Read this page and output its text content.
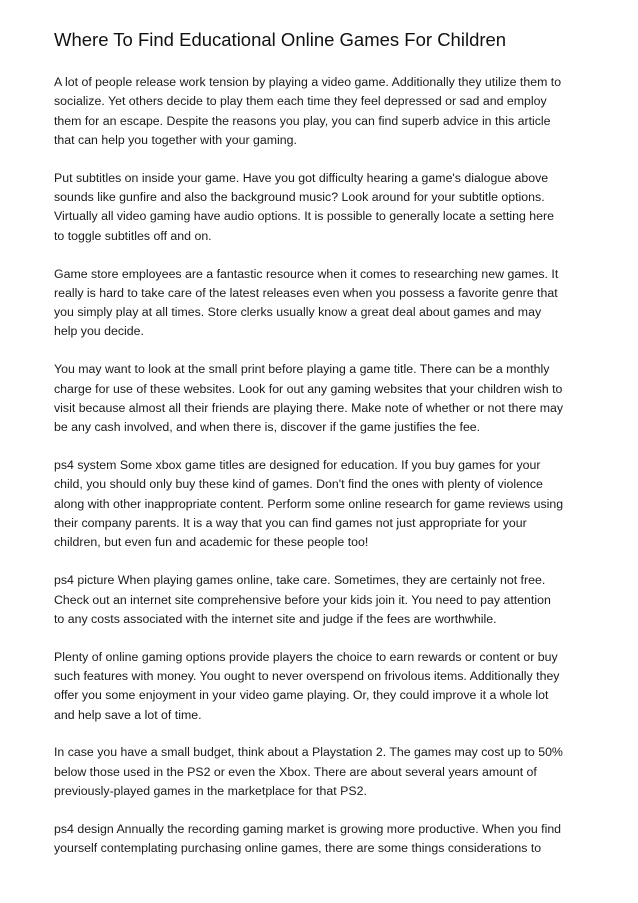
Where To Find Educational Online Games For Children

A lot of people release work tension by playing a video game. Additionally they utilize them to
socialize. Yet others decide to play them each time they feel depressed or sad and employ
them for an escape. Despite the reasons you play, you can find superb advice in this article
that can help you together with your gaming.

Put subtitles on inside your game. Have you got difficulty hearing a game's dialogue above
sounds like gunfire and also the background music? Look around for your subtitle options.
Virtually all video gaming have audio options. It is possible to generally locate a setting here
to toggle subtitles off and on.

Game store employees are a fantastic resource when it comes to researching new games. It
really is hard to take care of the latest releases even when you possess a favorite genre that
you simply play at all times. Store clerks usually know a great deal about games and may
help you decide.

You may want to look at the small print before playing a game title. There can be a monthly
charge for use of these websites. Look for out any gaming websites that your children wish to
visit because almost all their friends are playing there. Make note of whether or not there may
be any cash involved, and when there is, discover if the game justifies the fee.

ps4 system Some xbox game titles are designed for education. If you buy games for your
child, you should only buy these kind of games. Don't find the ones with plenty of violence
along with other inappropriate content. Perform some online research for game reviews using
their company parents. It is a way that you can find games not just appropriate for your
children, but even fun and academic for these people too!

ps4 picture When playing games online, take care. Sometimes, they are certainly not free.
Check out an internet site comprehensive before your kids join it. You need to pay attention
to any costs associated with the internet site and judge if the fees are worthwhile.

Plenty of online gaming options provide players the choice to earn rewards or content or buy
such features with money. You ought to never overspend on frivolous items. Additionally they
offer you some enjoyment in your video game playing. Or, they could improve it a whole lot
and help save a lot of time.

In case you have a small budget, think about a Playstation 2. The games may cost up to 50%
below those used in the PS2 or even the Xbox. There are about several years amount of
previously-played games in the marketplace for that PS2.

ps4 design Annually the recording gaming market is growing more productive. When you find
yourself contemplating purchasing online games, there are some things considerations to
